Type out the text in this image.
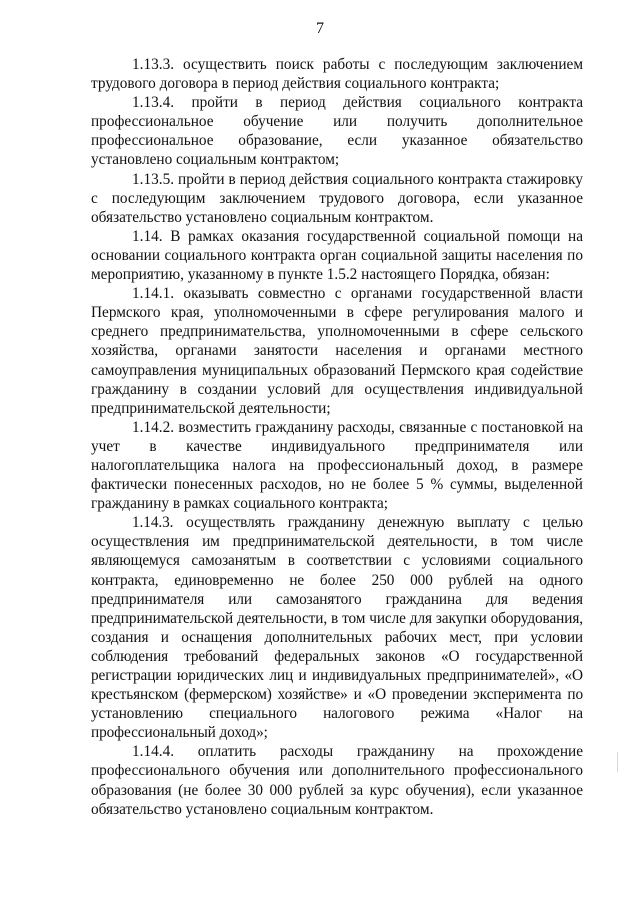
7

1.13.3. осуществить поиск работы с последующим заключением трудового договора в период действия социального контракта;

1.13.4. пройти в период действия социального контракта профессиональное обучение или получить дополнительное профессиональное образование, если указанное обязательство установлено социальным контрактом;

1.13.5. пройти в период действия социального контракта стажировку с последующим заключением трудового договора, если указанное обязательство установлено социальным контрактом.

1.14. В рамках оказания государственной социальной помощи на основании социального контракта орган социальной защиты населения по мероприятию, указанному в пункте 1.5.2 настоящего Порядка, обязан:

1.14.1. оказывать совместно с органами государственной власти Пермского края, уполномоченными в сфере регулирования малого и среднего предпринимательства, уполномоченными в сфере сельского хозяйства, органами занятости населения и органами местного самоуправления муниципальных образований Пермского края содействие гражданину в создании условий для осуществления индивидуальной предпринимательской деятельности;

1.14.2. возместить гражданину расходы, связанные с постановкой на учет в качестве индивидуального предпринимателя или налогоплательщика налога на профессиональный доход, в размере фактически понесенных расходов, но не более 5 % суммы, выделенной гражданину в рамках социального контракта;

1.14.3. осуществлять гражданину денежную выплату с целью осуществления им предпринимательской деятельности, в том числе являющемуся самозанятым в соответствии с условиями социального контракта, единовременно не более 250 000 рублей на одного предпринимателя или самозанятого гражданина для ведения предпринимательской деятельности, в том числе для закупки оборудования, создания и оснащения дополнительных рабочих мест, при условии соблюдения требований федеральных законов «О государственной регистрации юридических лиц и индивидуальных предпринимателей», «О крестьянском (фермерском) хозяйстве» и «О проведении эксперимента по установлению специального налогового режима «Налог на профессиональный доход»;

1.14.4. оплатить расходы гражданину на прохождение профессионального обучения или дополнительного профессионального образования (не более 30 000 рублей за курс обучения), если указанное обязательство установлено социальным контрактом.
